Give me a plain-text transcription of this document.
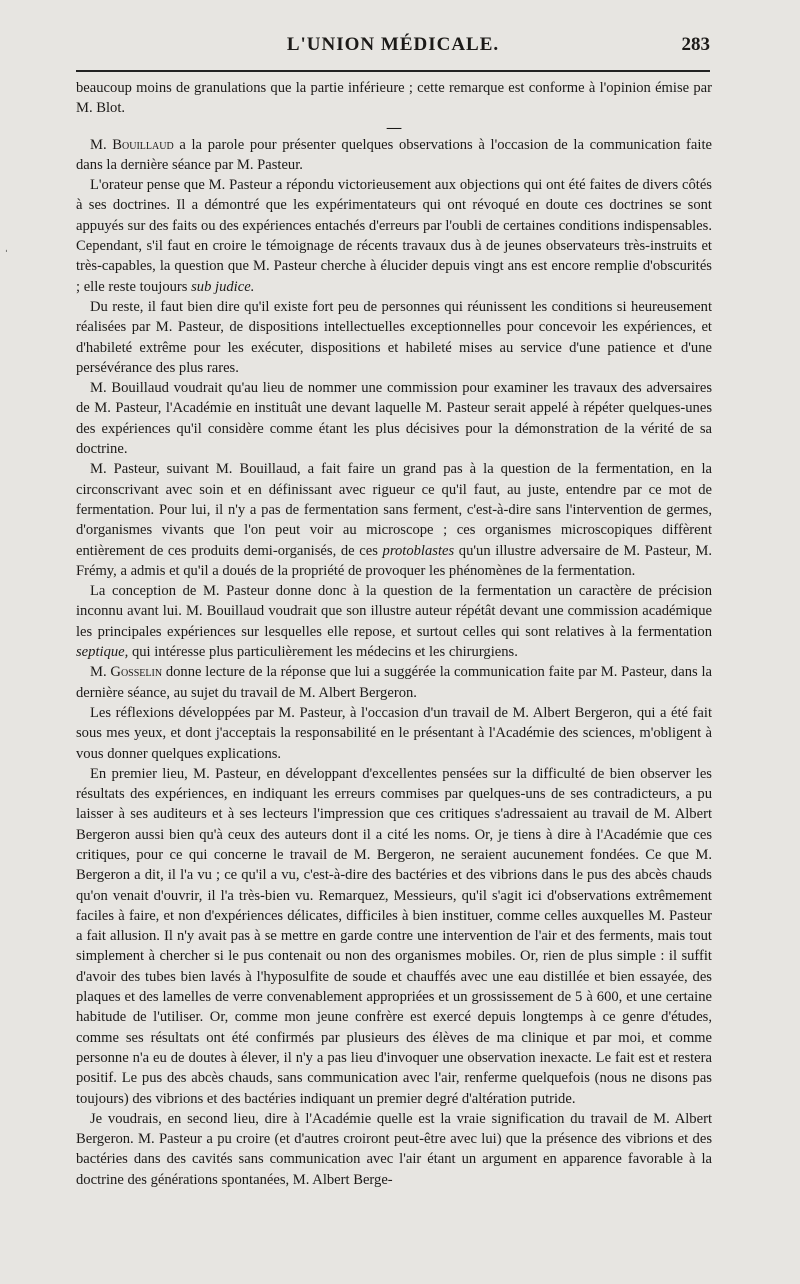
L'UNION MÉDICALE.	283
ˌ

beaucoup moins de granulations que la partie inférieure ; cette remarque est conforme à l'opinion émise par M. Blot.

—

M. Bouillaud a la parole pour présenter quelques observations à l'occasion de la communication faite dans la dernière séance par M. Pasteur.

L'orateur pense que M. Pasteur a répondu victorieusement aux objections qui ont été faites de divers côtés à ses doctrines. Il a démontré que les expérimentateurs qui ont révoqué en doute ces doctrines se sont appuyés sur des faits ou des expériences entachés d'erreurs par l'oubli de certaines conditions indispensables. Cependant, s'il faut en croire le témoignage de récents travaux dus à de jeunes observateurs très-instruits et très-capables, la question que M. Pasteur cherche à élucider depuis vingt ans est encore remplie d'obscurités ; elle reste toujours sub judice.

Du reste, il faut bien dire qu'il existe fort peu de personnes qui réunissent les conditions si heureusement réalisées par M. Pasteur, de dispositions intellectuelles exceptionnelles pour concevoir les expériences, et d'habileté extrême pour les exécuter, dispositions et habileté mises au service d'une patience et d'une persévérance des plus rares.

M. Bouillaud voudrait qu'au lieu de nommer une commission pour examiner les travaux des adversaires de M. Pasteur, l'Académie en instituât une devant laquelle M. Pasteur serait appelé à répéter quelques-unes des expériences qu'il considère comme étant les plus décisives pour la démonstration de la vérité de sa doctrine.

M. Pasteur, suivant M. Bouillaud, a fait faire un grand pas à la question de la fermentation, en la circonscrivant avec soin et en définissant avec rigueur ce qu'il faut, au juste, entendre par ce mot de fermentation. Pour lui, il n'y a pas de fermentation sans ferment, c'est-à-dire sans l'intervention de germes, d'organismes vivants que l'on peut voir au microscope ; ces organismes microscopiques diffèrent entièrement de ces produits demi-organisés, de ces protoblastes qu'un illustre adversaire de M. Pasteur, M. Frémy, a admis et qu'il a doués de la propriété de provoquer les phénomènes de la fermentation.

La conception de M. Pasteur donne donc à la question de la fermentation un caractère de précision inconnu avant lui. M. Bouillaud voudrait que son illustre auteur répétât devant une commission académique les principales expériences sur lesquelles elle repose, et surtout celles qui sont relatives à la fermentation septique, qui intéresse plus particulièrement les médecins et les chirurgiens.

M. Gosselin donne lecture de la réponse que lui a suggérée la communication faite par M. Pasteur, dans la dernière séance, au sujet du travail de M. Albert Bergeron.

Les réflexions développées par M. Pasteur, à l'occasion d'un travail de M. Albert Bergeron, qui a été fait sous mes yeux, et dont j'acceptais la responsabilité en le présentant à l'Académie des sciences, m'obligent à vous donner quelques explications.

En premier lieu, M. Pasteur, en développant d'excellentes pensées sur la difficulté de bien observer les résultats des expériences, en indiquant les erreurs commises par quelques-uns de ses contradicteurs, a pu laisser à ses auditeurs et à ses lecteurs l'impression que ces critiques s'adressaient au travail de M. Albert Bergeron aussi bien qu'à ceux des auteurs dont il a cité les noms. Or, je tiens à dire à l'Académie que ces critiques, pour ce qui concerne le travail de M. Bergeron, ne seraient aucunement fondées. Ce que M. Bergeron a dit, il l'a vu ; ce qu'il a vu, c'est-à-dire des bactéries et des vibrions dans le pus des abcès chauds qu'on venait d'ouvrir, il l'a très-bien vu. Remarquez, Messieurs, qu'il s'agit ici d'observations extrêmement faciles à faire, et non d'expériences délicates, difficiles à bien instituer, comme celles auxquelles M. Pasteur a fait allusion. Il n'y avait pas à se mettre en garde contre une intervention de l'air et des ferments, mais tout simplement à chercher si le pus contenait ou non des organismes mobiles. Or, rien de plus simple : il suffit d'avoir des tubes bien lavés à l'hyposulfite de soude et chauffés avec une eau distillée et bien essayée, des plaques et des lamelles de verre convenablement appropriées et un grossissement de 5 à 600, et une certaine habitude de l'utiliser. Or, comme mon jeune confrère est exercé depuis longtemps à ce genre d'études, comme ses résultats ont été confirmés par plusieurs des élèves de ma clinique et par moi, et comme personne n'a eu de doutes à élever, il n'y a pas lieu d'invoquer une observation inexacte. Le fait est et restera positif. Le pus des abcès chauds, sans communication avec l'air, renferme quelquefois (nous ne disons pas toujours) des vibrions et des bactéries indiquant un premier degré d'altération putride.

Je voudrais, en second lieu, dire à l'Académie quelle est la vraie signification du travail de M. Albert Bergeron. M. Pasteur a pu croire (et d'autres croiront peut-être avec lui) que la présence des vibrions et des bactéries dans des cavités sans communication avec l'air étant un argument en apparence favorable à la doctrine des générations spontanées, M. Albert Berge-
